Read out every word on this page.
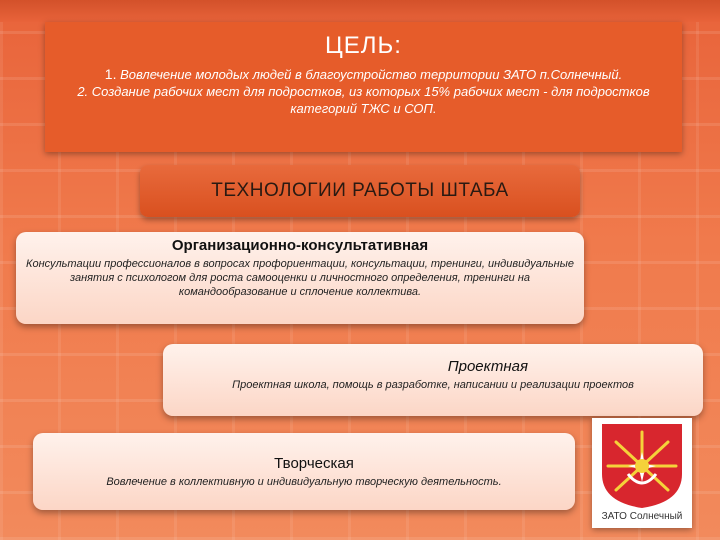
ЦЕЛЬ:
1. Вовлечение молодых людей в благоустройство территории ЗАТО п.Солнечный.
2. Создание рабочих мест для подростков, из которых 15% рабочих мест - для подростков категорий ТЖС и СОП.
ТЕХНОЛОГИИ РАБОТЫ ШТАБА
Организационно-консультативная
Консультации профессионалов в вопросах профориентации, консультации, тренинги, индивидуальные занятия с психологом для роста самооценки и личностного определения, тренинги на командообразование и сплочение коллектива.
Проектная
Проектная школа, помощь в разработке, написании и реализации проектов
Творческая
Вовлечение в коллективную и индивидуальную творческую деятельность.
ЗАТО Солнечный
